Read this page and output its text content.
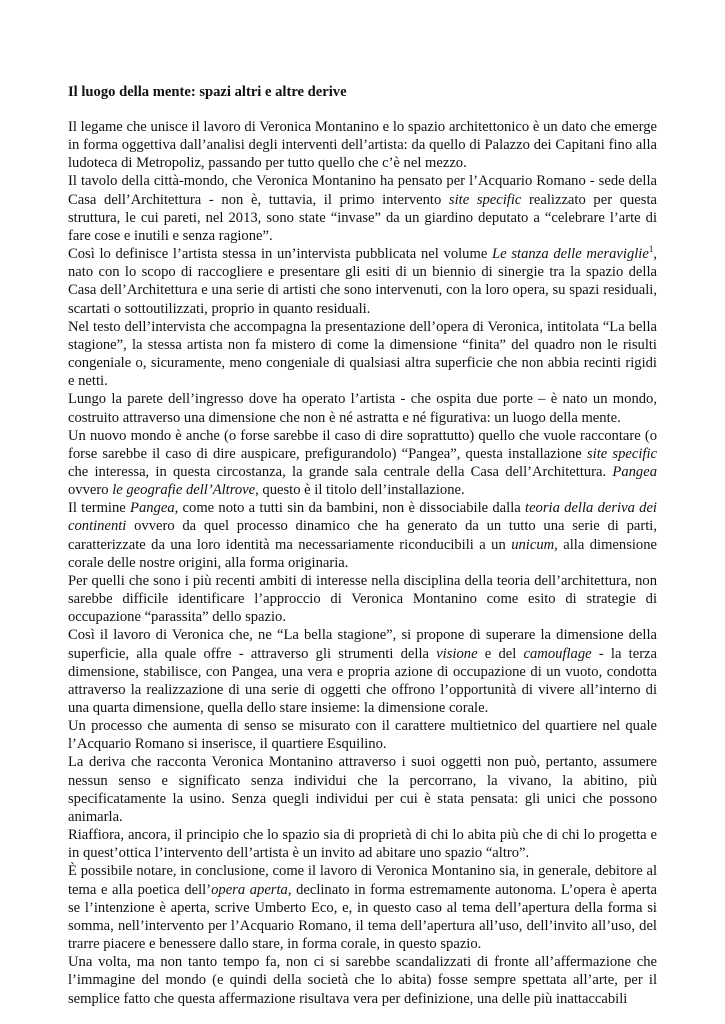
Il luogo della mente: spazi altri e altre derive

Il legame che unisce il lavoro di Veronica Montanino e lo spazio architettonico è un dato che emerge in forma oggettiva dall’analisi degli interventi dell’artista: da quello di Palazzo dei Capitani fino alla ludoteca di Metropoliz, passando per tutto quello che c’è nel mezzo.

Il tavolo della città-mondo, che Veronica Montanino ha pensato per l’Acquario Romano - sede della Casa dell’Architettura - non è, tuttavia, il primo intervento site specific realizzato per questa struttura, le cui pareti, nel 2013, sono state “invase” da un giardino deputato a “celebrare l’arte di fare cose e inutili e senza ragione”.

Così lo definisce l’artista stessa in un’intervista pubblicata nel volume Le stanza delle meraviglie$^1$, nato con lo scopo di raccogliere e presentare gli esiti di un biennio di sinergie tra la spazio della Casa dell’Architettura e una serie di artisti che sono intervenuti, con la loro opera, su spazi residuali, scartati o sottoutilizzati, proprio in quanto residuali.

Nel testo dell’intervista che accompagna la presentazione dell’opera di Veronica, intitolata “La bella stagione”, la stessa artista non fa mistero di come la dimensione “finita” del quadro non le risulti congeniale o, sicuramente, meno congeniale di qualsiasi altra superficie che non abbia recinti rigidi e netti.

Lungo la parete dell’ingresso dove ha operato l’artista - che ospita due porte – è nato un mondo, costruito attraverso una dimensione che non è né astratta e né figurativa: un luogo della mente.

Un nuovo mondo è anche (o forse sarebbe il caso di dire soprattutto) quello che vuole raccontare (o forse sarebbe il caso di dire auspicare, prefigurandolo) “Pangea”, questa installazione site specific che interessa, in questa circostanza, la grande sala centrale della Casa dell’Architettura. Pangea ovvero le geografie dell’Altrove, questo è il titolo dell’installazione.

Il termine Pangea, come noto a tutti sin da bambini, non è dissociabile dalla teoria della deriva dei continenti ovvero da quel processo dinamico che ha generato da un tutto una serie di parti, caratterizzate da una loro identità ma necessariamente riconducibili a un unicum, alla dimensione corale delle nostre origini, alla forma originaria.

Per quelli che sono i più recenti ambiti di interesse nella disciplina della teoria dell’architettura, non sarebbe difficile identificare l’approccio di Veronica Montanino come esito di strategie di occupazione “parassita” dello spazio.

Così il lavoro di Veronica che, ne “La bella stagione”, si propone di superare la dimensione della superficie, alla quale offre - attraverso gli strumenti della visione e del camouflage - la terza dimensione, stabilisce, con Pangea, una vera e propria azione di occupazione di un vuoto, condotta attraverso la realizzazione di una serie di oggetti che offrono l’opportunità di vivere all’interno di una quarta dimensione, quella dello stare insieme: la dimensione corale.

Un processo che aumenta di senso se misurato con il carattere multietnico del quartiere nel quale l’Acquario Romano si inserisce, il quartiere Esquilino.

La deriva che racconta Veronica Montanino attraverso i suoi oggetti non può, pertanto, assumere nessun senso e significato senza individui che la percorrano, la vivano, la abitino, più specificatamente la usino. Senza quegli individui per cui è stata pensata: gli unici che possono animarla.

Riaffiora, ancora, il principio che lo spazio sia di proprietà di chi lo abita più che di chi lo progetta e in quest’ottica l’intervento dell’artista è un invito ad abitare uno spazio “altro”.

È possibile notare, in conclusione, come il lavoro di Veronica Montanino sia, in generale, debitore al tema e alla poetica dell’opera aperta, declinato in forma estremamente autonoma. L’opera è aperta se l’intenzione è aperta, scrive Umberto Eco, e, in questo caso al tema dell’apertura della forma si somma, nell’intervento per l’Acquario Romano, il tema dell’apertura all’uso, dell’invito all’uso, del trarre piacere e benessere dallo stare, in forma corale, in questo spazio.

Una volta, ma non tanto tempo fa, non ci si sarebbe scandalizzati di fronte all’affermazione che l’immagine del mondo (e quindi della società che lo abita) fosse sempre spettata all’arte, per il semplice fatto che questa affermazione risultava vera per definizione, una delle più inattaccabili
